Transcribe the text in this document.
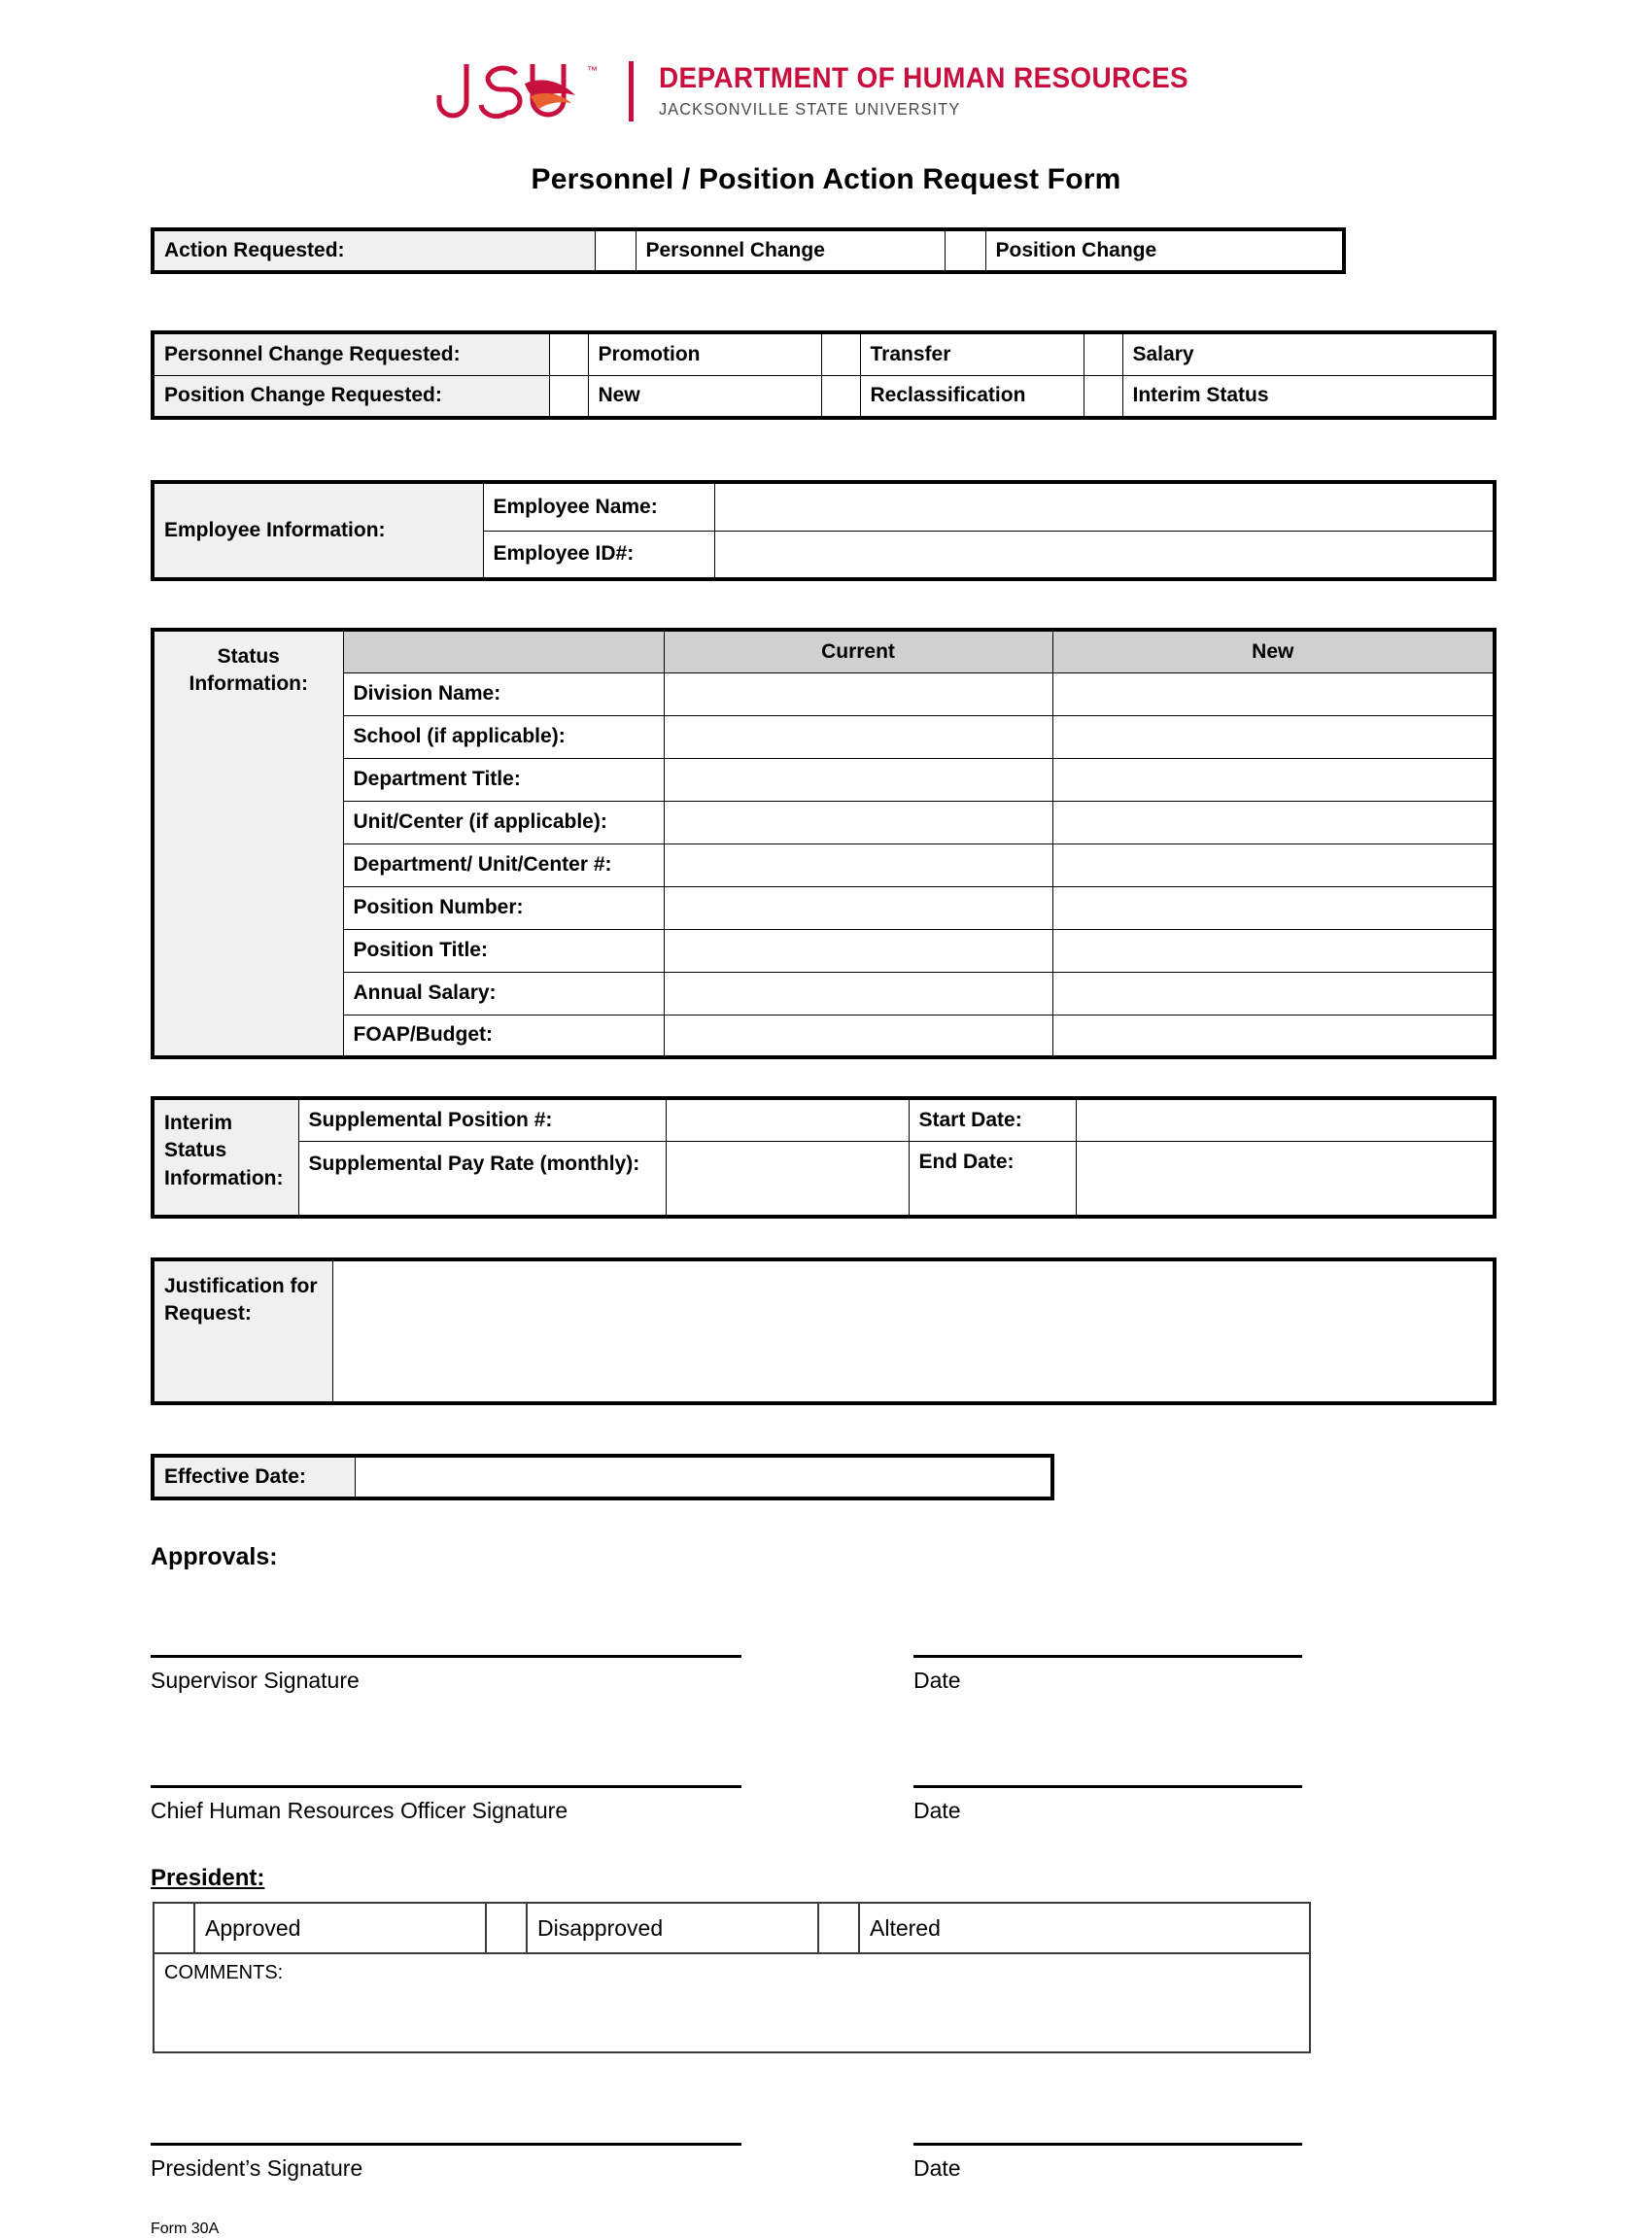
™ DEPARTMENT OF HUMAN RESOURCES
JACKSONVILLE STATE UNIVERSITY
Personnel / Position Action Request Form
Action Requested:		Personnel Change		Position Change
Personnel Change Requested:		Promotion		Transfer		Salary
Position Change Requested:		New		Reclassification		Interim Status
Employee Information:	Employee Name:	
	Employee ID#:	
Status Information:		Current	New
	Division Name:		
	School (if applicable):		
	Department Title:		
	Unit/Center (if applicable):		
	Department/ Unit/Center #:		
	Position Number:		
	Position Title:		
	Annual Salary:		
	FOAP/Budget:		
Interim Status Information:	Supplemental Position #:		Start Date:	
	Supplemental Pay Rate (monthly):		End Date:	
Justification for Request:	
Effective Date:	
Approvals:
Supervisor Signature	Date
Chief Human Resources Officer Signature	Date
President:
	Approved		Disapproved		Altered
COMMENTS:
President’s Signature	Date
Form 30A
